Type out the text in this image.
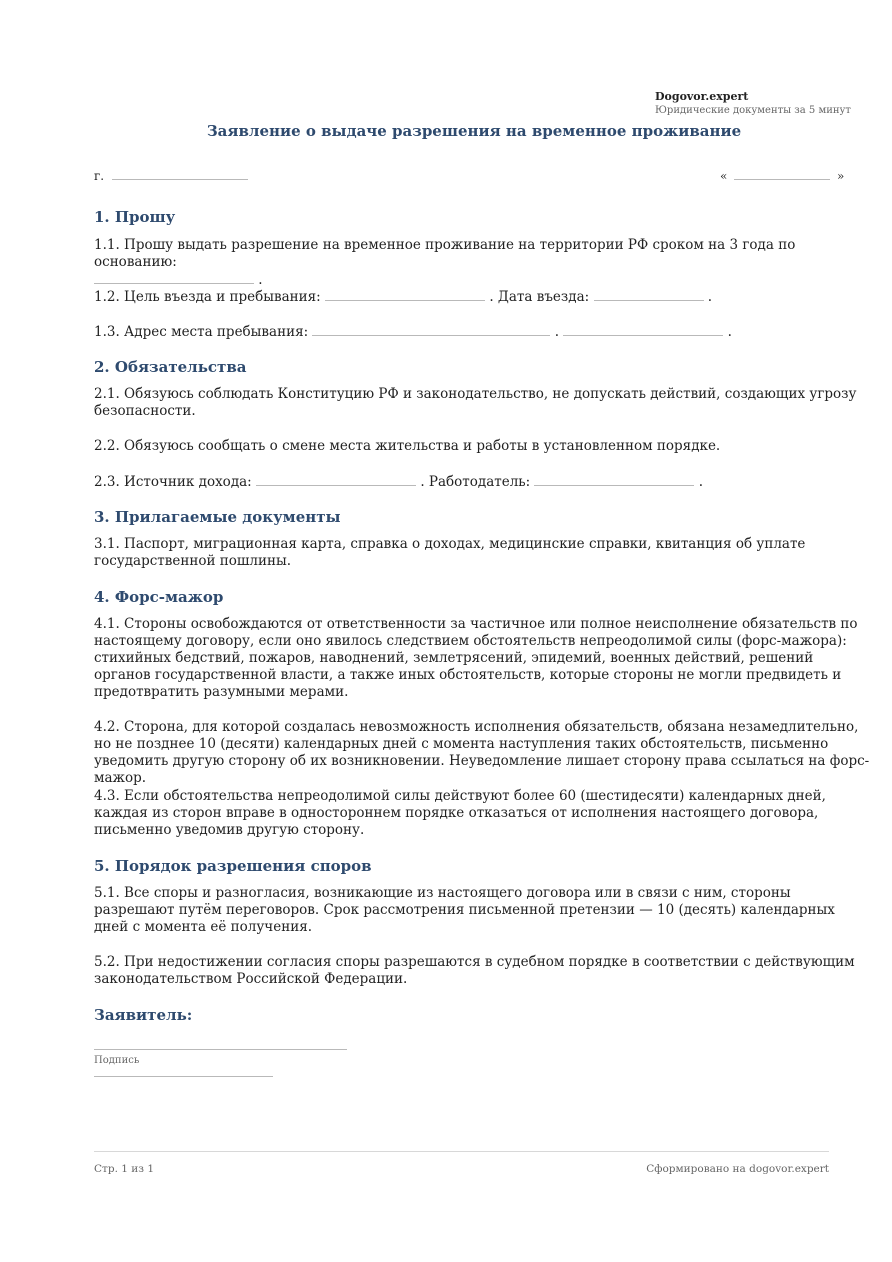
Dogovor.expert
Юридические документы за 5 минут
Заявление о выдаче разрешения на временное проживание
г.	«	»
1. Прошу
1.1. Прошу выдать разрешение на временное проживание на территории РФ сроком на 3 года по основанию:
.
1.2. Цель въезда и пребывания:	. Дата въезда:	.
1.3. Адрес места пребывания:	.	.
2. Обязательства
2.1. Обязуюсь соблюдать Конституцию РФ и законодательство, не допускать действий, создающих угрозу безопасности.
2.2. Обязуюсь сообщать о смене места жительства и работы в установленном порядке.
2.3. Источник дохода:	. Работодатель:	.
3. Прилагаемые документы
3.1. Паспорт, миграционная карта, справка о доходах, медицинские справки, квитанция об уплате государственной пошлины.
4. Форс-мажор
4.1. Стороны освобождаются от ответственности за частичное или полное неисполнение обязательств по настоящему договору, если оно явилось следствием обстоятельств непреодолимой силы (форс-мажора): стихийных бедствий, пожаров, наводнений, землетрясений, эпидемий, военных действий, решений органов государственной власти, а также иных обстоятельств, которые стороны не могли предвидеть и предотвратить разумными мерами.
4.2. Сторона, для которой создалась невозможность исполнения обязательств, обязана незамедлительно, но не позднее 10 (десяти) календарных дней с момента наступления таких обстоятельств, письменно уведомить другую сторону об их возникновении. Неуведомление лишает сторону права ссылаться на форс-мажор.
4.3. Если обстоятельства непреодолимой силы действуют более 60 (шестидесяти) календарных дней, каждая из сторон вправе в одностороннем порядке отказаться от исполнения настоящего договора, письменно уведомив другую сторону.
5. Порядок разрешения споров
5.1. Все споры и разногласия, возникающие из настоящего договора или в связи с ним, стороны разрешают путём переговоров. Срок рассмотрения письменной претензии — 10 (десять) календарных дней с момента её получения.
5.2. При недостижении согласия споры разрешаются в судебном порядке в соответствии с действующим законодательством Российской Федерации.
Заявитель:
Подпись
Стр. 1 из 1	Сформировано на dogovor.expert
